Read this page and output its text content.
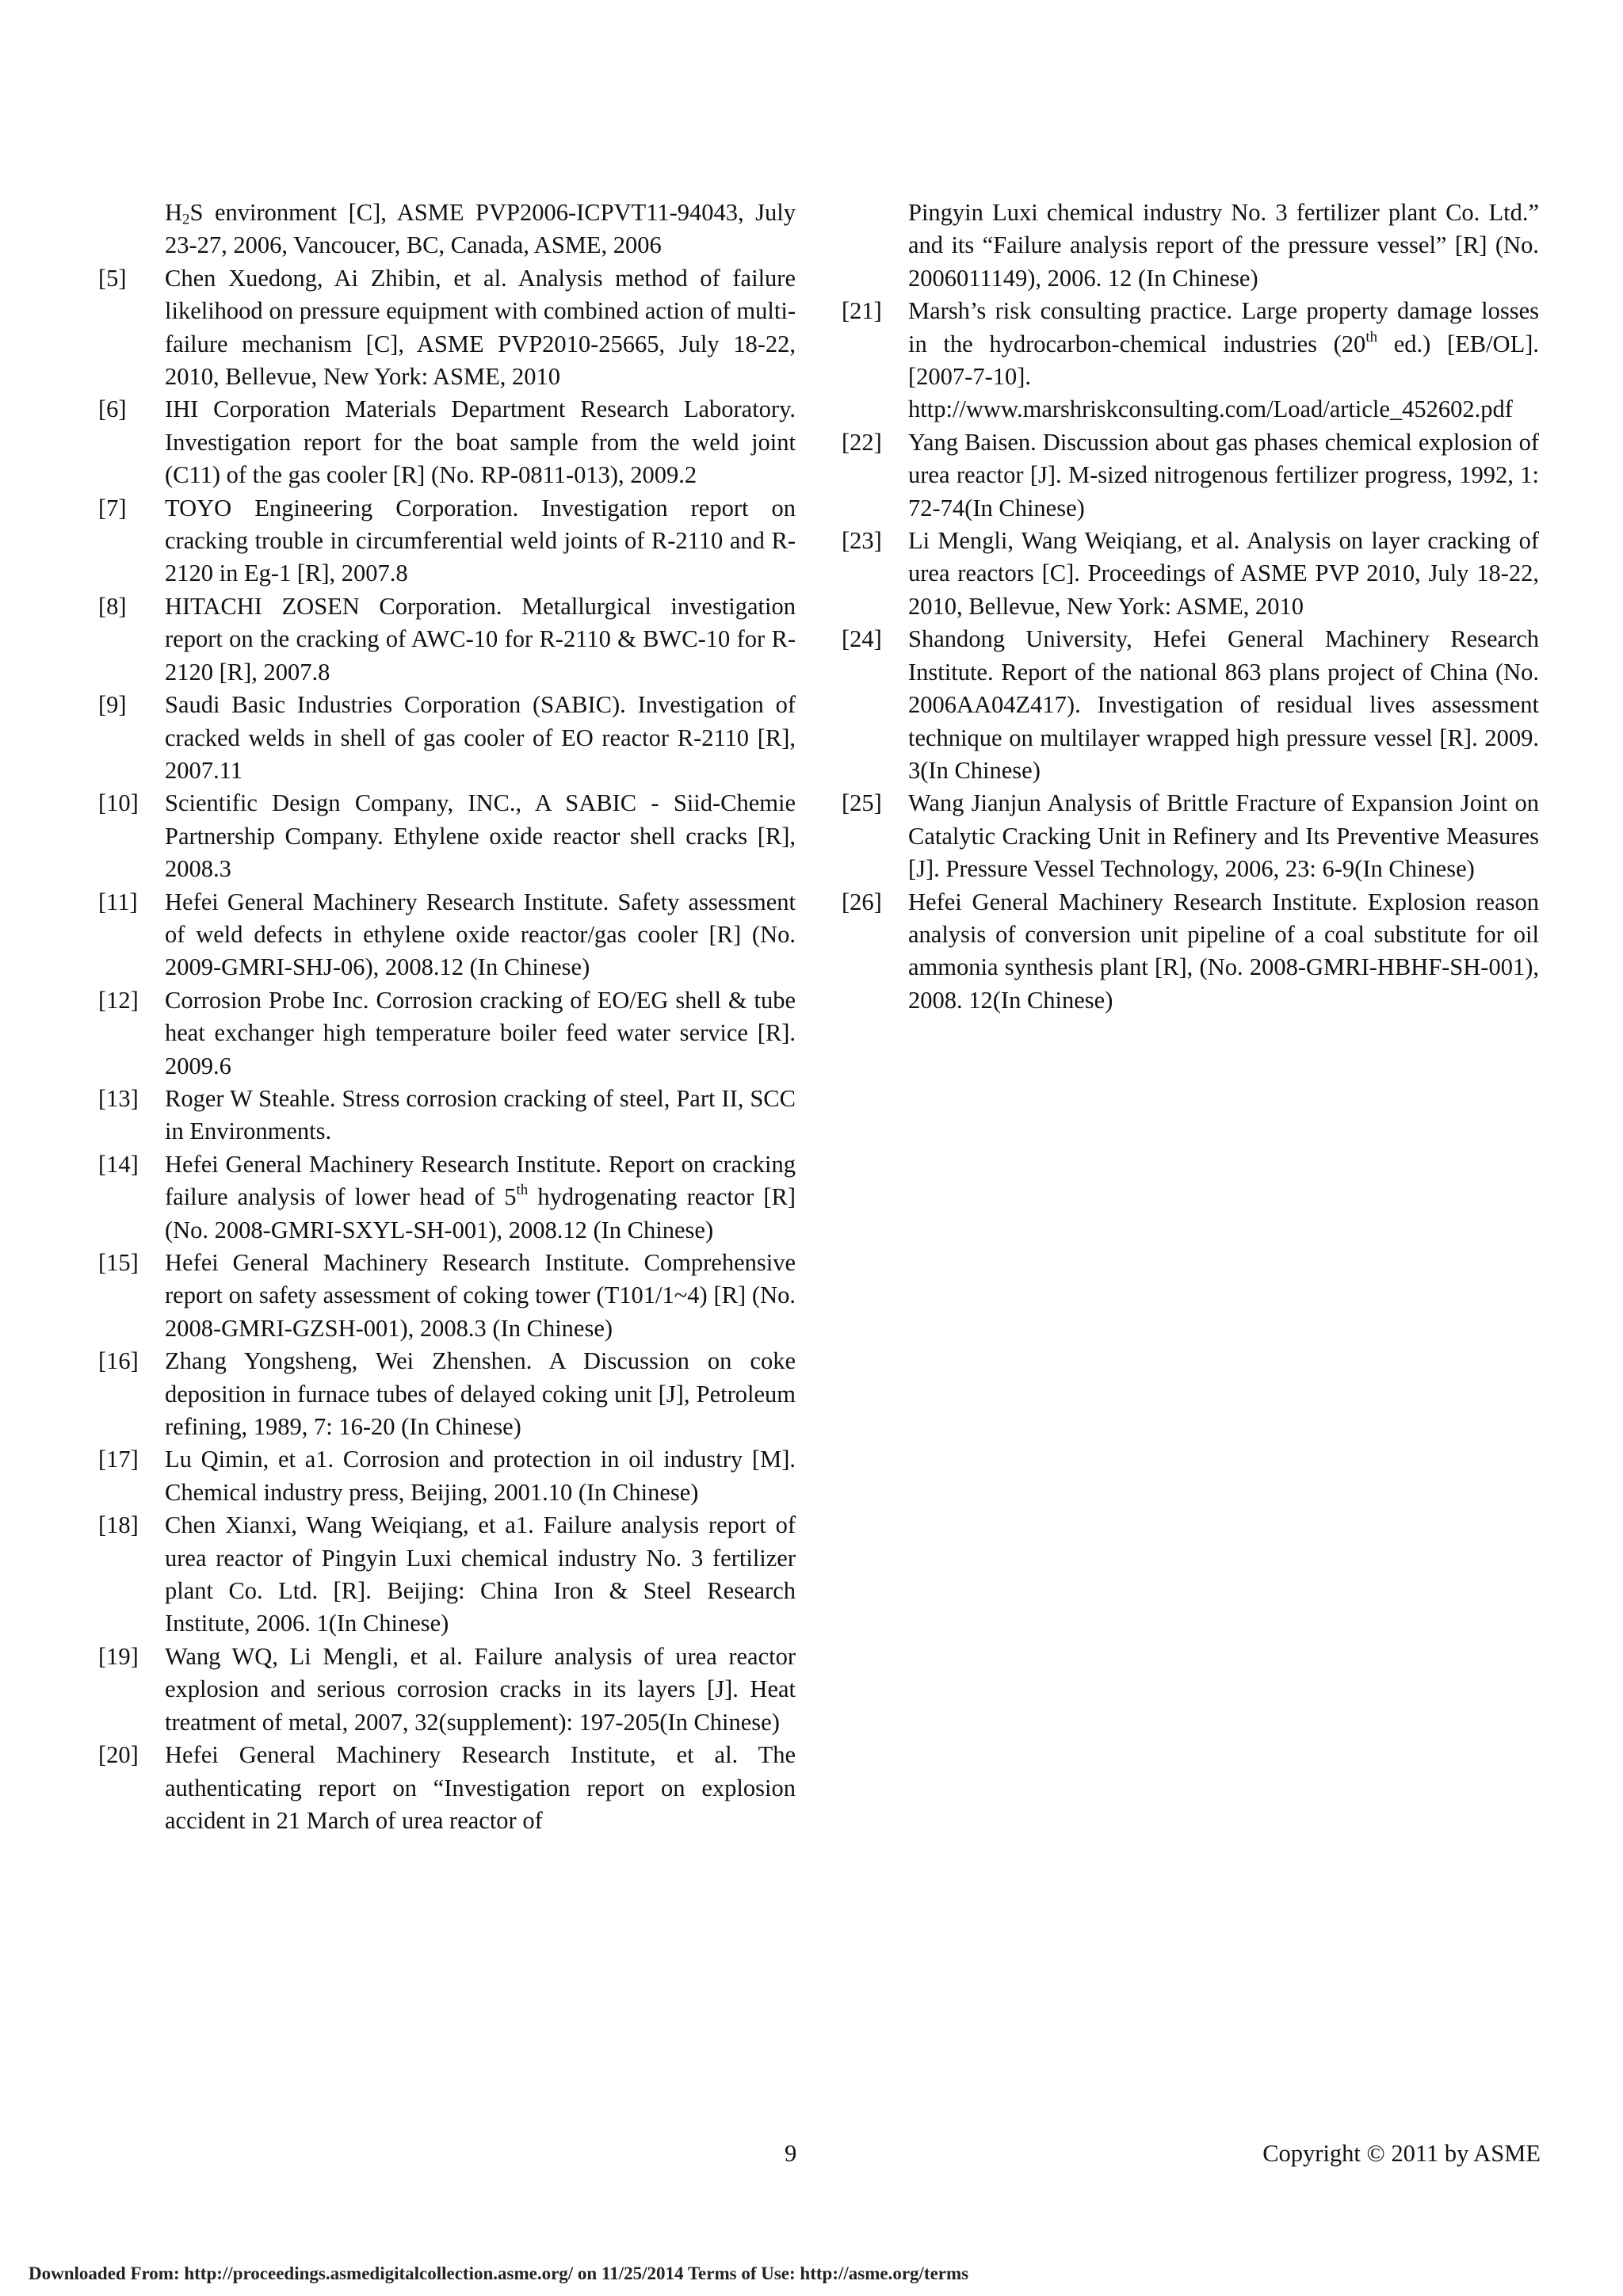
$H_2S$ environment [C], ASME PVP2006-ICPVT11-94043, July 23-27, 2006, Vancoucer, BC, Canada, ASME, 2006
[5] Chen Xuedong, Ai Zhibin, et al. Analysis method of failure likelihood on pressure equipment with combined action of multi-failure mechanism [C], ASME PVP2010-25665, July 18-22, 2010, Bellevue, New York: ASME, 2010
[6] IHI Corporation Materials Department Research Laboratory. Investigation report for the boat sample from the weld joint (C11) of the gas cooler [R] (No. RP-0811-013), 2009.2
[7] TOYO Engineering Corporation. Investigation report on cracking trouble in circumferential weld joints of R-2110 and R-2120 in Eg-1 [R], 2007.8
[8] HITACHI ZOSEN Corporation. Metallurgical investigation report on the cracking of AWC-10 for R-2110 & BWC-10 for R-2120 [R], 2007.8
[9] Saudi Basic Industries Corporation (SABIC). Investigation of cracked welds in shell of gas cooler of EO reactor R-2110 [R], 2007.11
[10] Scientific Design Company, INC., A SABIC - Siid-Chemie Partnership Company. Ethylene oxide reactor shell cracks [R], 2008.3
[11] Hefei General Machinery Research Institute. Safety assessment of weld defects in ethylene oxide reactor/gas cooler [R] (No. 2009-GMRI-SHJ-06), 2008.12 (In Chinese)
[12] Corrosion Probe Inc. Corrosion cracking of EO/EG shell & tube heat exchanger high temperature boiler feed water service [R]. 2009.6
[13] Roger W Steahle. Stress corrosion cracking of steel, Part II, SCC in Environments.
[14] Hefei General Machinery Research Institute. Report on cracking failure analysis of lower head of 5th hydrogenating reactor [R] (No. 2008-GMRI-SXYL-SH-001), 2008.12 (In Chinese)
[15] Hefei General Machinery Research Institute. Comprehensive report on safety assessment of coking tower (T101/1~4) [R] (No. 2008-GMRI-GZSH-001), 2008.3 (In Chinese)
[16] Zhang Yongsheng, Wei Zhenshen. A Discussion on coke deposition in furnace tubes of delayed coking unit [J], Petroleum refining, 1989, 7: 16-20 (In Chinese)
[17] Lu Qimin, et a1. Corrosion and protection in oil industry [M]. Chemical industry press, Beijing, 2001.10 (In Chinese)
[18] Chen Xianxi, Wang Weiqiang, et a1. Failure analysis report of urea reactor of Pingyin Luxi chemical industry No. 3 fertilizer plant Co. Ltd. [R]. Beijing: China Iron & Steel Research Institute, 2006. 1(In Chinese)
[19] Wang WQ, Li Mengli, et al. Failure analysis of urea reactor explosion and serious corrosion cracks in its layers [J]. Heat treatment of metal, 2007, 32(supplement): 197-205(In Chinese)
[20] Hefei General Machinery Research Institute, et al. The authenticating report on “Investigation report on explosion accident in 21 March of urea reactor of
Pingyin Luxi chemical industry No. 3 fertilizer plant Co. Ltd.” and its “Failure analysis report of the pressure vessel” [R] (No. 2006011149), 2006. 12 (In Chinese)
[21] Marsh’s risk consulting practice. Large property damage losses in the hydrocarbon-chemical industries (20th ed.) [EB/OL]. [2007-7-10]. http://www.marshriskconsulting.com/Load/article_452602.pdf
[22] Yang Baisen. Discussion about gas phases chemical explosion of urea reactor [J]. M-sized nitrogenous fertilizer progress, 1992, 1: 72-74(In Chinese)
[23] Li Mengli, Wang Weiqiang, et al. Analysis on layer cracking of urea reactors [C]. Proceedings of ASME PVP 2010, July 18-22, 2010, Bellevue, New York: ASME, 2010
[24] Shandong University, Hefei General Machinery Research Institute. Report of the national 863 plans project of China (No. 2006AA04Z417). Investigation of residual lives assessment technique on multilayer wrapped high pressure vessel [R]. 2009. 3(In Chinese)
[25] Wang Jianjun Analysis of Brittle Fracture of Expansion Joint on Catalytic Cracking Unit in Refinery and Its Preventive Measures [J]. Pressure Vessel Technology, 2006, 23: 6-9(In Chinese)
[26] Hefei General Machinery Research Institute. Explosion reason analysis of conversion unit pipeline of a coal substitute for oil ammonia synthesis plant [R], (No. 2008-GMRI-HBHF-SH-001), 2008. 12(In Chinese)
9	Copyright © 2011 by ASME
Downloaded From: http://proceedings.asmedigitalcollection.asme.org/ on 11/25/2014 Terms of Use: http://asme.org/terms
